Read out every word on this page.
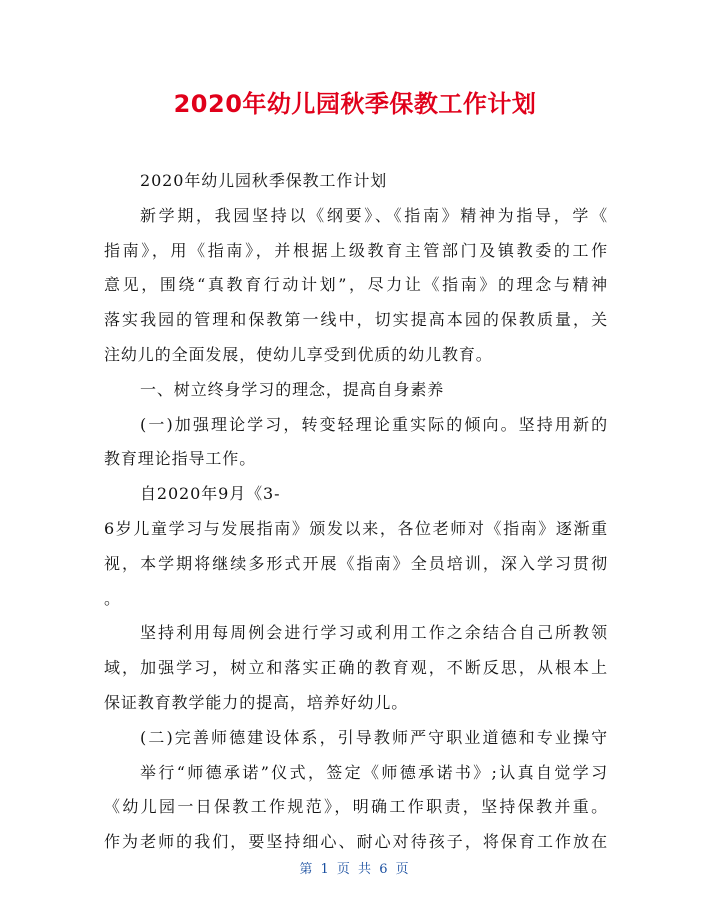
2020年幼儿园秋季保教工作计划
2020年幼儿园秋季保教工作计划
新学期，我园坚持以《纲要》、《指南》精神为指导，学《
指南》，用《指南》，并根据上级教育主管部门及镇教委的工作
意见，围绕“真教育行动计划”，尽力让《指南》的理念与精神
落实我园的管理和保教第一线中，切实提高本园的保教质量，关
注幼儿的全面发展，使幼儿享受到优质的幼儿教育。
一、树立终身学习的理念，提高自身素养
(一)加强理论学习，转变轻理论重实际的倾向。坚持用新的
教育理论指导工作。
自2020年9月《3-
6岁儿童学习与发展指南》颁发以来，各位老师对《指南》逐渐重
视，本学期将继续多形式开展《指南》全员培训，深入学习贯彻
。
坚持利用每周例会进行学习或利用工作之余结合自己所教领
域，加强学习，树立和落实正确的教育观，不断反思，从根本上
保证教育教学能力的提高，培养好幼儿。
(二)完善师德建设体系，引导教师严守职业道德和专业操守
举行“师德承诺”仪式，签定《师德承诺书》;认真自觉学习
《幼儿园一日保教工作规范》，明确工作职责，坚持保教并重。
作为老师的我们，要坚持细心、耐心对待孩子，将保育工作放在
第 1 页 共 6 页
